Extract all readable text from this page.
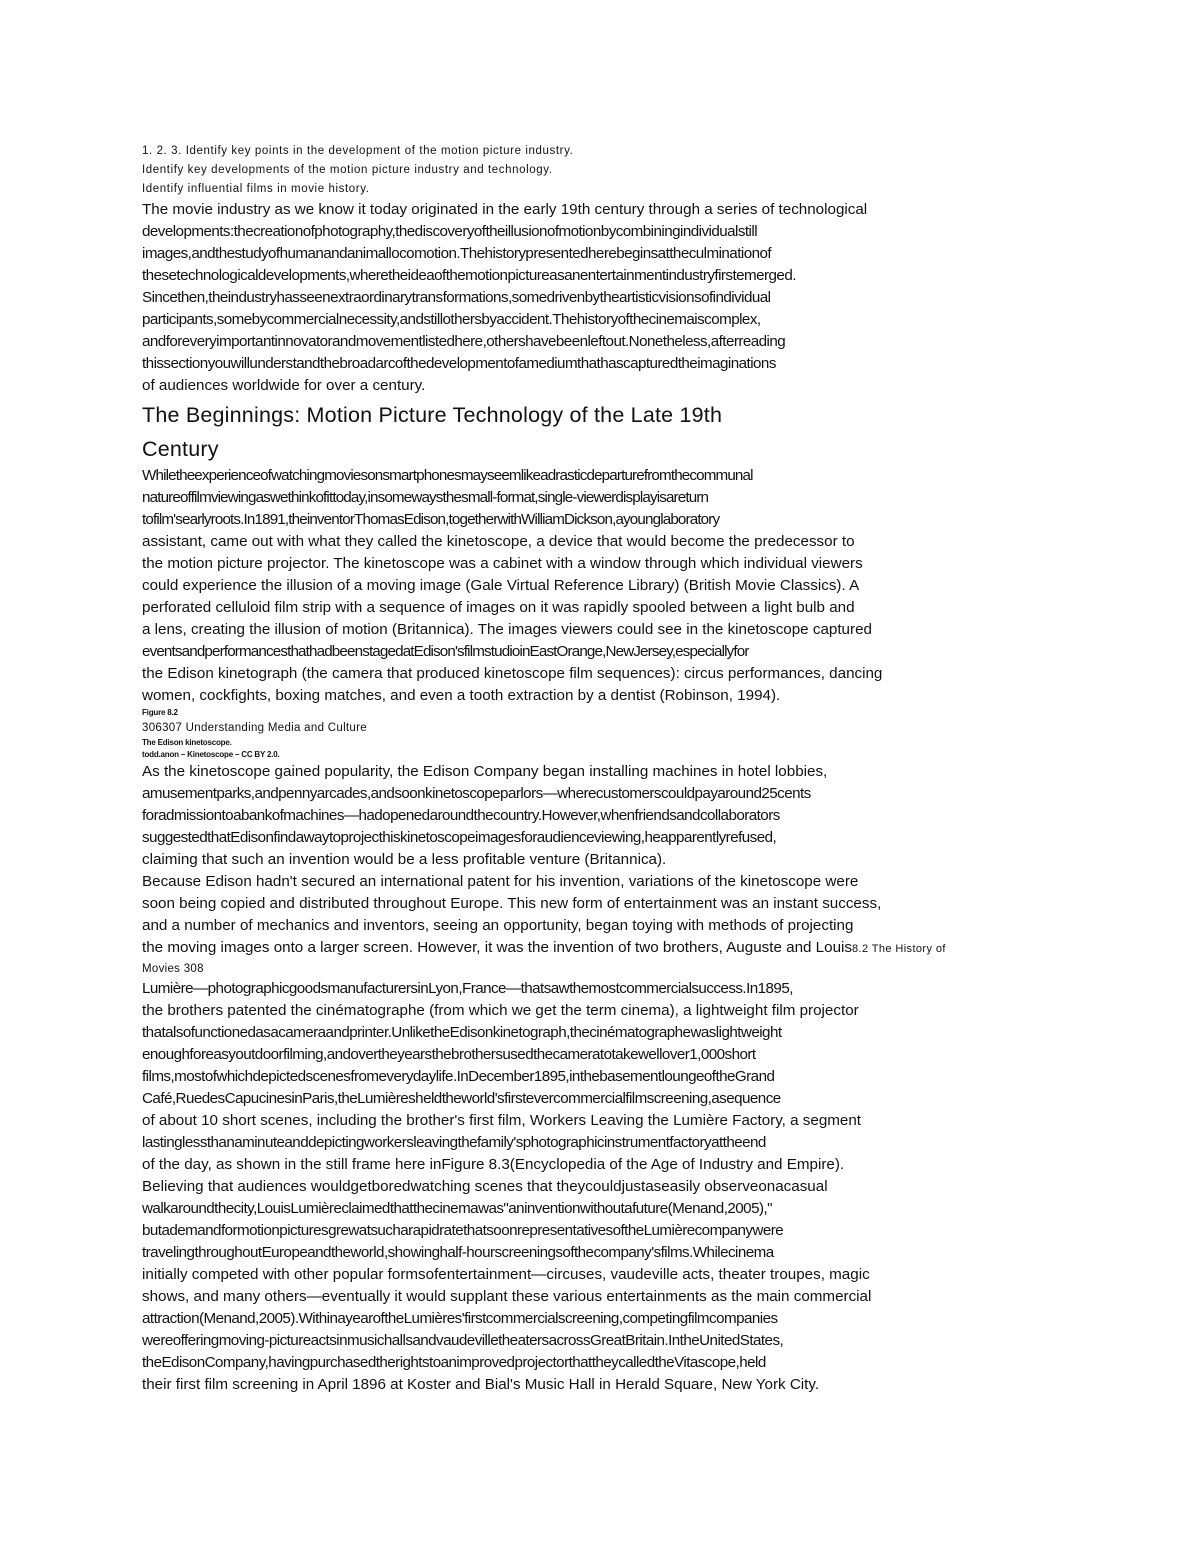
1. 2. 3. Identify key points in the development of the motion picture industry.
Identify key developments of the motion picture industry and technology.
Identify influential films in movie history.
The movie industry as we know it today originated in the early 19th century through a series of technological
developments:thecreationofphotography,thediscoveryoftheillusionofmotionbycombiningindividualstill
images,andthestudyofhumanandanimallocomotion.Thehistorypresentedherebeginsattheculminationof
thesetechnologicaldevelopments,wheretheideaofthemotionpictureasanentertainmentindustryfirstemerged.
Sincethen,theindustryhasseenextraordinarytransformations,somedrivenbytheartisticvisionsofindividual
participants,somebycommercialnecessity,andstillothersbyaccident.Thehistoryofthecinemaiscomplex,
andforeveryimportantinnovatorandmovementlistedhere,othershavebeenleftout.Nonetheless,afterreading
thissectionyouwillunderstandthebroadarcofthedevelopmentofamediumthathascapturedtheimaginations
of audiences worldwide for over a century.
The Beginnings: Motion Picture Technology of the Late 19th
Century
Whiletheexperienceofwatchingmoviesonsmartphonesmayseemlikeadrasticdeparturefromthecommunal
natureoffilmviewingaswethinkofittoday,insomewaysthesmall-format,single-viewerdisplayisareturn
tofilm'searlyroots.In1891,theinventorThomasEdison,togetherwithWilliamDickson,ayounglaboratory
assistant, came out with what they called the kinetoscope, a device that would become the predecessor to
the motion picture projector. The kinetoscope was a cabinet with a window through which individual viewers
could experience the illusion of a moving image (Gale Virtual Reference Library) (British Movie Classics). A
perforated celluloid film strip with a sequence of images on it was rapidly spooled between a light bulb and
a lens, creating the illusion of motion (Britannica). The images viewers could see in the kinetoscope captured
eventsandperformancesthathadbeenstagedatEdison'sfilmstudioinEastOrange,NewJersey,especiallyfor
the Edison kinetograph (the camera that produced kinetoscope film sequences): circus performances, dancing
women, cockfights, boxing matches, and even a tooth extraction by a dentist (Robinson, 1994).
Figure 8.2
306307 Understanding Media and Culture
The Edison kinetoscope.
todd.anon – Kinetoscope – CC BY 2.0.
As the kinetoscope gained popularity, the Edison Company began installing machines in hotel lobbies,
amusementparks,andpennyarcades,andsoonkinetoscopeparlors—wherecustomerscouldpayaround25cents
foradmissiontoabankofmachines—hadopenedaroundthecountry.However,whenfriendsandcollaborators
suggestedthatEdisonfindawaytoprojecthiskinetoscopeimagesforaudienceviewing,heapparentlyrefused,
claiming that such an invention would be a less profitable venture (Britannica).
Because Edison hadn't secured an international patent for his invention, variations of the kinetoscope were
soon being copied and distributed throughout Europe. This new form of entertainment was an instant success,
and a number of mechanics and inventors, seeing an opportunity, began toying with methods of projecting
the moving images onto a larger screen. However, it was the invention of two brothers, Auguste and Louis8.2 The History of
Movies 308
Lumière—photographicgoodsmanufacturersinLyon,France—thatsawthemostcommercialsuccess.In1895,
the brothers patented the cinématographe (from which we get the term cinema), a lightweight film projector
thatalsofunctionedasacameraandprinter.UnliketheEdisonkinetograph,thecinématographewaslightweight
enoughforeasyoutdoorfilming,andovertheyearsthebrothersusedthecameratotakewellover1,000short
films,mostofwhichdepictedscenesfromeverydaylife.InDecember1895,inthebasementloungeoftheGrand
Café,RuedesCapucinesinParis,theLumièresheldtheworld'sfirstevercommercialfilmscreening,asequence
of about 10 short scenes, including the brother's first film, Workers Leaving the Lumière Factory, a segment
lastinglessthanaminuteanddepictingworkersleavingthefamily'sphotographicinstrumentfactoryattheend
of the day, as shown in the still frame here inFigure 8.3(Encyclopedia of the Age of Industry and Empire).
Believing that audiences wouldgetboredwatching scenes that theycouldjustaseasily observeonacasual
walkaroundthecity,LouisLumièreclaimedthatthecinemawas"aninventionwithoutafuture(Menand,2005),"
butademandformotionpicturesgrewatsucharapidratethatsoonrepresentativesoftheLumièrecompanywere
travelingthroughoutEuropeandtheworld,showinghalf-hourscreeningsofthecompany'sfilms.Whilecinema
initially competed with other popular formsofentertainment—circuses, vaudeville acts, theater troupes, magic
shows, and many others—eventually it would supplant these various entertainments as the main commercial
attraction(Menand,2005).WithinayearoftheLumières'firstcommercialscreening,competingfilmcompanies
wereofferingmoving-pictureactsinmusichallsandvaudevilletheatersacrossGreatBritain.IntheUnitedStates,
theEdisonCompany,havingpurchasedtherightstoanimprovedprojectorthattheycalledtheVitascope,held
their first film screening in April 1896 at Koster and Bial's Music Hall in Herald Square, New York City.
